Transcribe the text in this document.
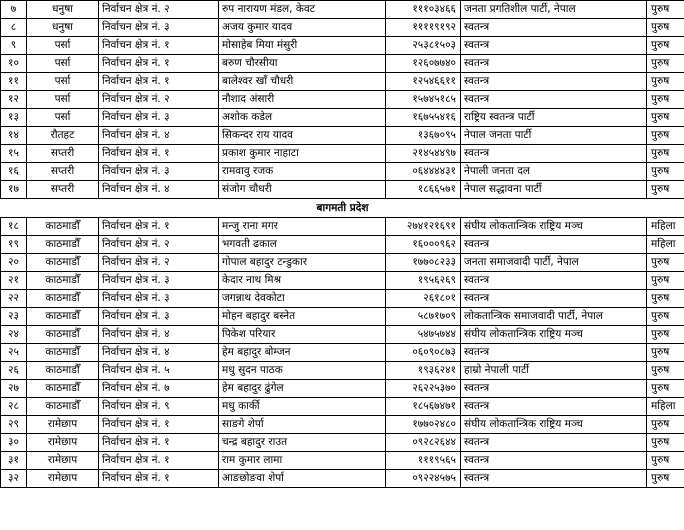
७	धनुषा	निर्वाचन क्षेत्र नं. २	रुप नारायण मंडल, केवट	१११०३४६६	जनता प्रगतिशील पार्टी, नेपाल	पुरुष
८	धनुषा	निर्वाचन क्षेत्र नं. ३	अजय कुमार यादव	११११९१९२	स्वतन्त्र	पुरुष
९	पर्सा	निर्वाचन क्षेत्र नं. १	मोसाहेब मिया मंसुरी	२५३८१५०३	स्वतन्त्र	पुरुष
१०	पर्सा	निर्वाचन क्षेत्र नं. १	बरुण चौरसीया	१२६०७७४०	स्वतन्त्र	पुरुष
११	पर्सा	निर्वाचन क्षेत्र नं. १	बालेश्वर खाँ चौधरी	१२५४६६११	स्वतन्त्र	पुरुष
१२	पर्सा	निर्वाचन क्षेत्र नं. २	नौशाद अंसारी	१५७४५१८५	स्वतन्त्र	पुरुष
१३	पर्सा	निर्वाचन क्षेत्र नं. ३	अशोक कडेल	१६७५५४१६	राष्ट्रिय स्वतन्त्र पार्टी	पुरुष
१४	रौतहट	निर्वाचन क्षेत्र नं. ४	सिकन्दर राय यादव	१३६७०९५	नेपाल जनता पार्टी	पुरुष
१५	सप्तरी	निर्वाचन क्षेत्र नं. १	प्रकाश कुमार नाहाटा	२१४५४४९७	स्वतन्त्र	पुरुष
१६	सप्तरी	निर्वाचन क्षेत्र नं. ३	रामवावु रजक	०६४४४४३१	नेपाली जनता दल	पुरुष
१७	सप्तरी	निर्वाचन क्षेत्र नं. ४	संजोग चौधरी	१८६६५७१	नेपाल सद्धावना पार्टी	पुरुष
बागमती प्रदेश						
१८	काठमाडौँ	निर्वाचन क्षेत्र नं. १	मन्जु राना मगर	२७४१२१६९१	संघीय लोकतान्त्रिक राष्ट्रिय मञ्च	महिला
१९	काठमाडौँ	निर्वाचन क्षेत्र नं. २	भगवती ढकाल	१६०००९६२	स्वतन्त्र	महिला
२०	काठमाडौँ	निर्वाचन क्षेत्र नं. २	गोपाल बहादुर टन्डुकार	१७७०८२३३	जनता समाजवादी पार्टी, नेपाल	पुरुष
२१	काठमाडौँ	निर्वाचन क्षेत्र नं. ३	केदार नाथ मिश्र	१९५६२६९	स्वतन्त्र	पुरुष
२२	काठमाडौँ	निर्वाचन क्षेत्र नं. ३	जगन्नाथ देवकोटा	२६१८०१	स्वतन्त्र	पुरुष
२३	काठमाडौँ	निर्वाचन क्षेत्र नं. ३	मोहन बहादुर बस्नेत	५८७१७०९	लोकतान्त्रिक समाजवादी पार्टी, नेपाल	पुरुष
२४	काठमाडौँ	निर्वाचन क्षेत्र नं. ४	पिकेश परियार	५४७५७४४	संघीय लोकतान्त्रिक राष्ट्रिय मञ्च	पुरुष
२५	काठमाडौँ	निर्वाचन क्षेत्र नं. ४	हेम बहादुर बोम्जन	०६०९०८७३	स्वतन्त्र	पुरुष
२६	काठमाडौँ	निर्वाचन क्षेत्र नं. ५	मधु सुदन पाठक	१९३६२४१	हाम्रो नेपाली पार्टी	पुरुष
२७	काठमाडौँ	निर्वाचन क्षेत्र नं. ७	हेम बहादुर ढुंगेल	२६२२५३७०	स्वतन्त्र	पुरुष
२८	काठमाडौँ	निर्वाचन क्षेत्र नं. ९	मधु कार्की	१८५६७४७१	स्वतन्त्र	महिला
२९	रामेछाप	निर्वाचन क्षेत्र नं. १	साङगे शेर्पा	१७७०२४८०	संघीय लोकतान्त्रिक राष्ट्रिय मञ्च	पुरुष
३०	रामेछाप	निर्वाचन क्षेत्र नं. १	चन्द्र बहादुर राउत	०९२८२६४४	स्वतन्त्र	पुरुष
३१	रामेछाप	निर्वाचन क्षेत्र नं. १	राम कुमार लामा	१११९५६५	स्वतन्त्र	पुरुष
३२	रामेछाप	निर्वाचन क्षेत्र नं. १	आङछोङवा शेर्पा	०९२२४५७५	स्वतन्त्र	पुरुष
